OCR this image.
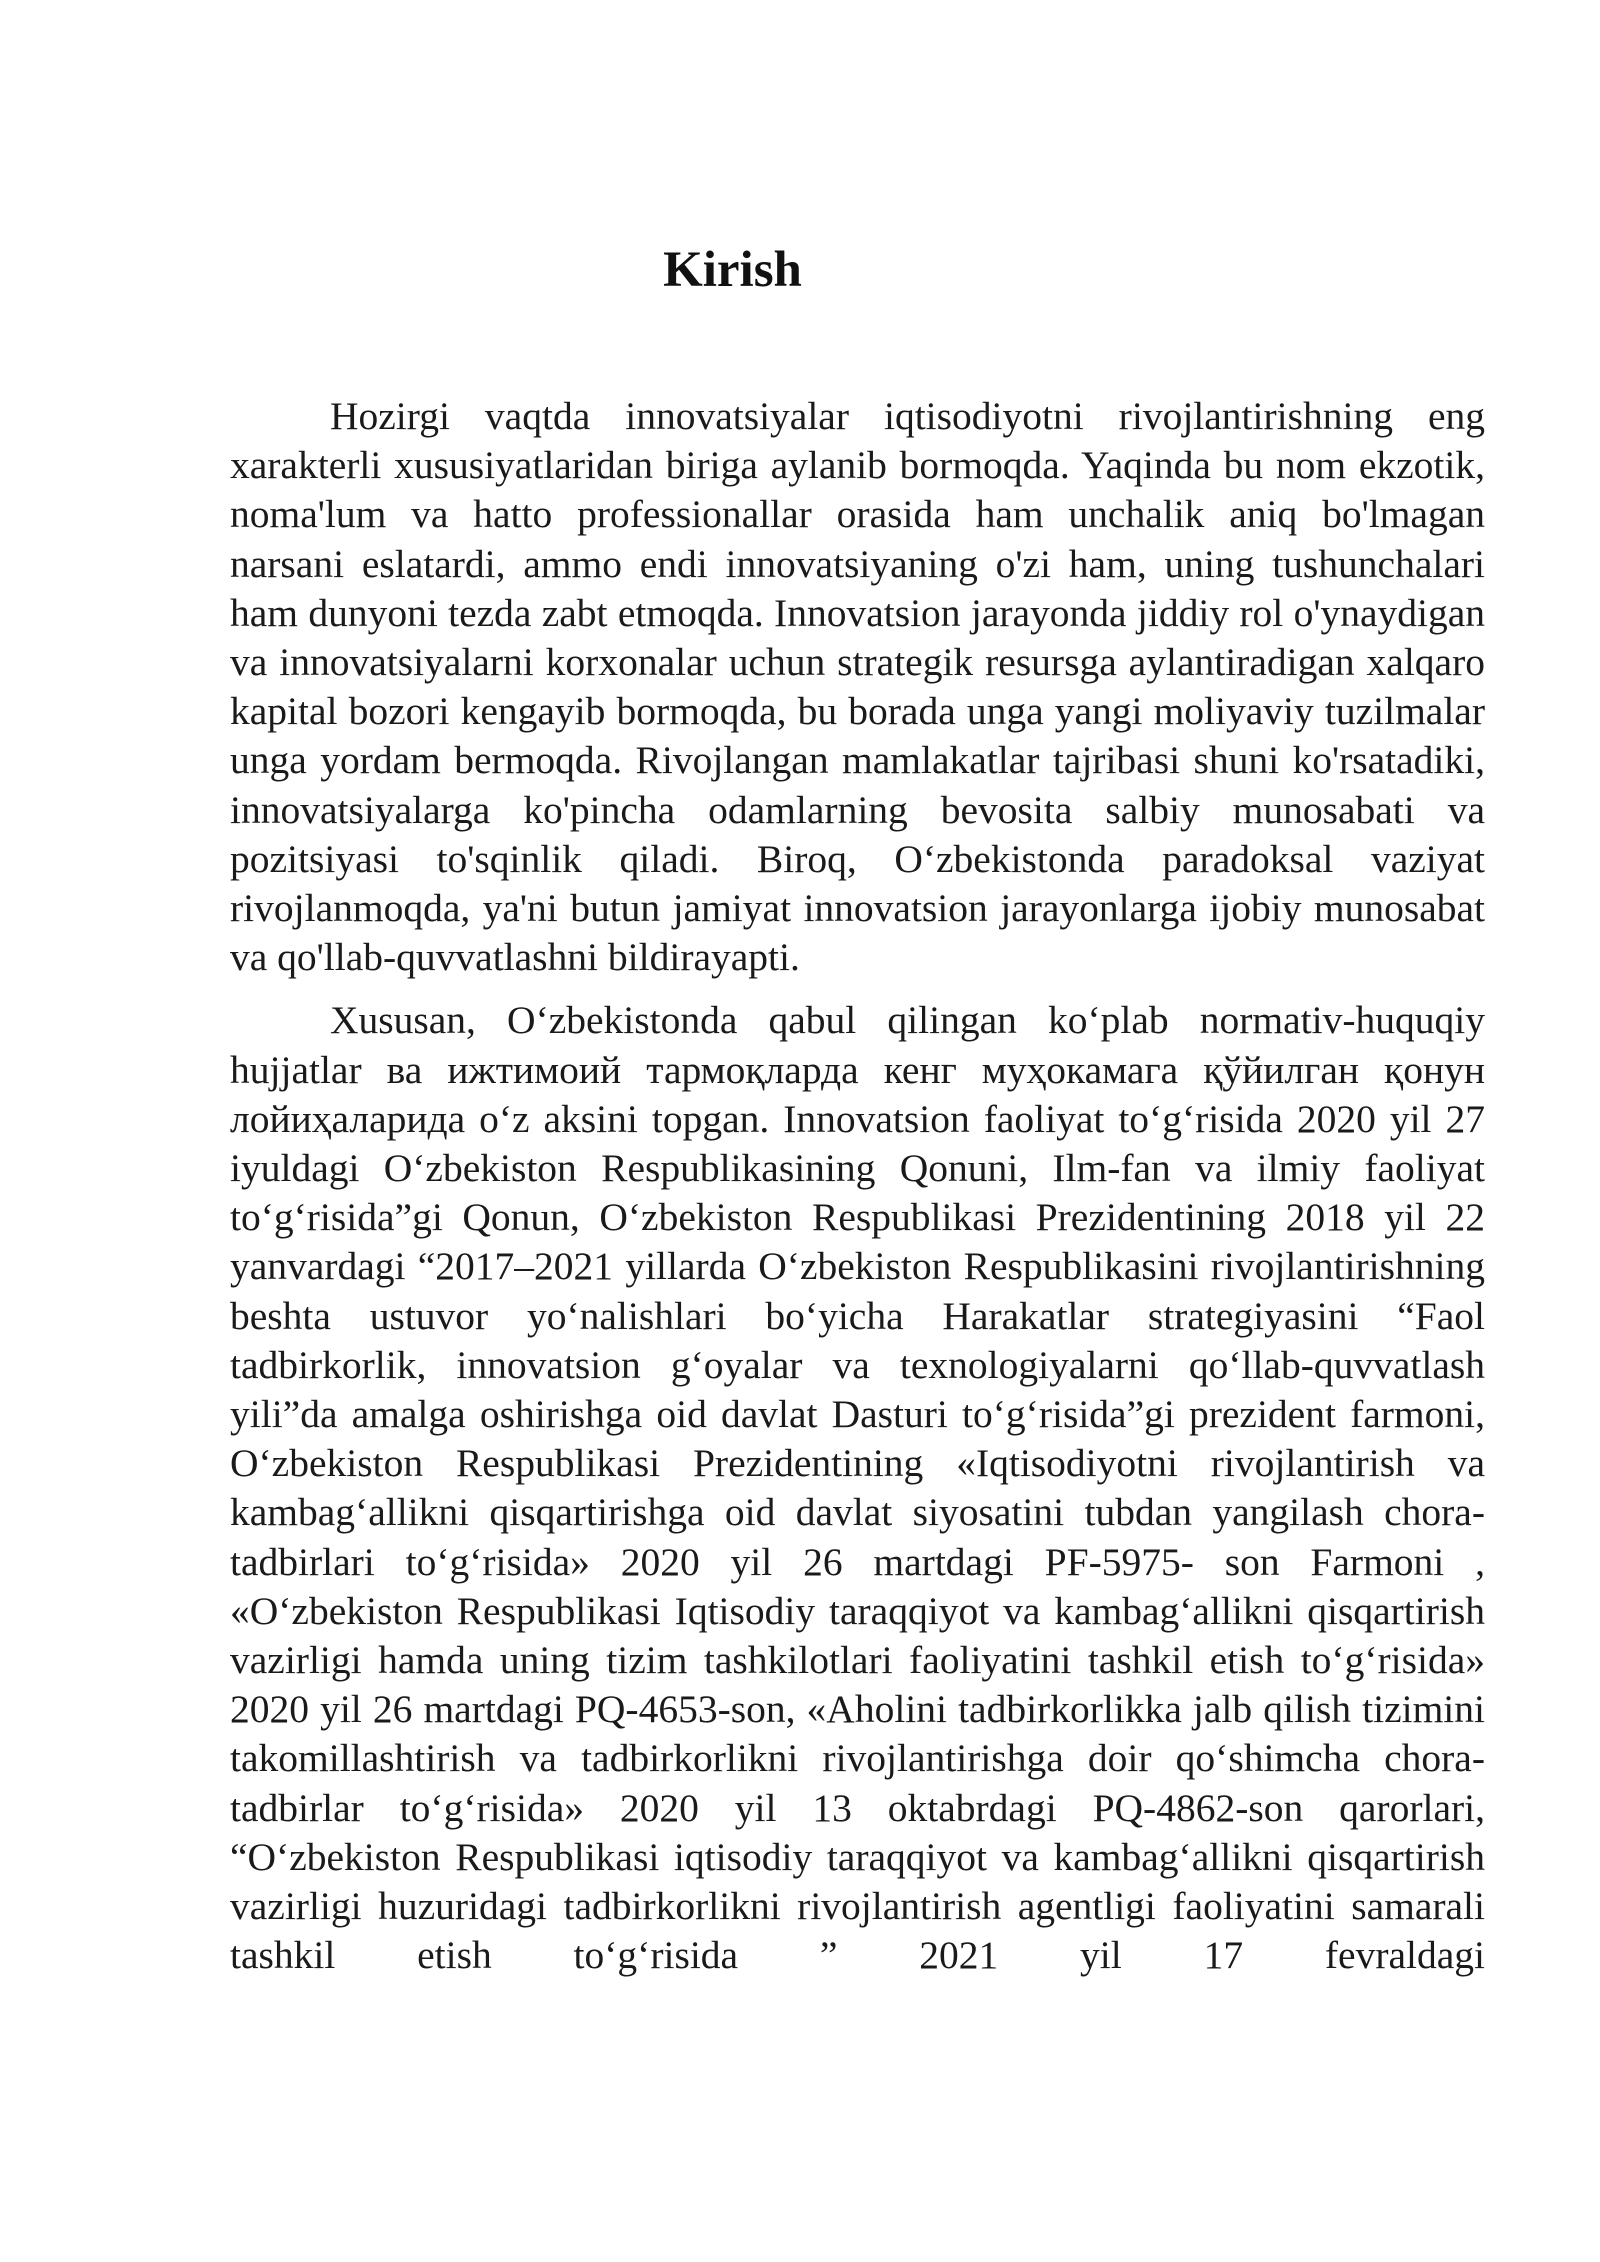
Kirish

Hozirgi vaqtda innovatsiyalar iqtisodiyotni rivojlantirishning eng xarakterli xususiyatlaridan biriga aylanib bormoqda. Yaqinda bu nom ekzotik, noma'lum va hatto professionallar orasida ham unchalik aniq bo'lmagan narsani eslatardi, ammo endi innovatsiyaning o'zi ham, uning tushunchalari ham dunyoni tezda zabt etmoqda. Innovatsion jarayonda jiddiy rol o'ynaydigan va innovatsiyalarni korxonalar uchun strategik resursga aylantiradigan xalqaro kapital bozori kengayib bormoqda, bu borada unga yangi moliyaviy tuzilmalar unga yordam bermoqda. Rivojlangan mamlakatlar tajribasi shuni ko'rsatadiki, innovatsiyalarga ko'pincha odamlarning bevosita salbiy munosabati va pozitsiyasi to'sqinlik qiladi. Biroq, O‘zbekistonda paradoksal vaziyat rivojlanmoqda, ya'ni butun jamiyat innovatsion jarayonlarga ijobiy munosabat va qo'llab-quvvatlashni bildirayapti.

Xususan, O‘zbekistonda qabul qilingan ko‘plab normativ-huquqiy hujjatlar ва ижтимоий тармоқларда кенг муҳокамага қўйилган қонун лойиҳаларида o‘z aksini topgan. Innovatsion faoliyat to‘g‘risida 2020 yil 27 iyuldagi O‘zbekiston Respublikasining Qonuni, Ilm-fan va ilmiy faoliyat to‘g‘risida”gi Qonun, O‘zbekiston Respublikasi Prezidentining 2018 yil 22 yanvardagi “2017–2021 yillarda O‘zbekiston Respublikasini rivojlantirishning beshta ustuvor yo‘nalishlari bo‘yicha Harakatlar strategiyasini “Faol tadbirkorlik, innovatsion g‘oyalar va texnologiyalarni qo‘llab-quvvatlash yili”da amalga oshirishga oid davlat Dasturi to‘g‘risida”gi prezident farmoni, O‘zbekiston Respublikasi Prezidentining «Iqtisodiyotni rivojlantirish va kambag‘allikni qisqartirishga oid davlat siyosatini tubdan yangilash chora-tadbirlari to‘g‘risida» 2020 yil 26 martdagi PF-5975- son Farmoni , «O‘zbekiston Respublikasi Iqtisodiy taraqqiyot va kambag‘allikni qisqartirish vazirligi hamda uning tizim tashkilotlari faoliyatini tashkil etish to‘g‘risida» 2020 yil 26 martdagi PQ-4653-son, «Aholini tadbirkorlikka jalb qilish tizimini takomillashtirish va tadbirkorlikni rivojlantirishga doir qo‘shimcha chora-tadbirlar to‘g‘risida» 2020 yil 13 oktabrdagi PQ-4862-son qarorlari, “O‘zbekiston Respublikasi iqtisodiy taraqqiyot va kambag‘allikni qisqartirish vazirligi huzuridagi tadbirkorlikni rivojlantirish agentligi faoliyatini samarali tashkil etish to‘g‘risida ” 2021 yil 17 fevraldagi
